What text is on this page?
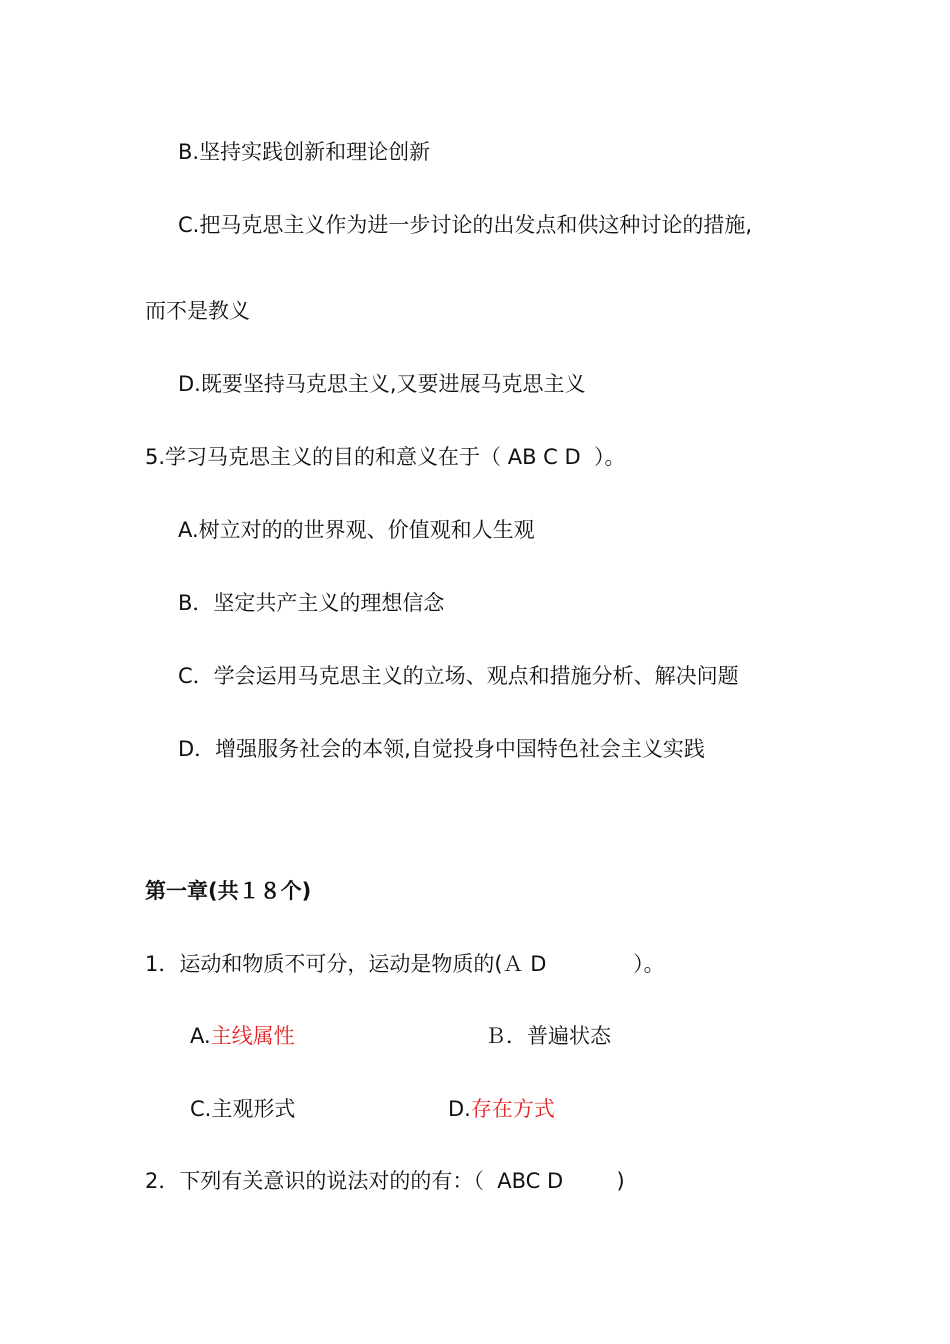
B.坚持实践创新和理论创新
C.把马克思主义作为进一步讨论的出发点和供这种讨论的措施,
而不是教义
D.既要坚持马克思主义,又要进展马克思主义
5.学习马克思主义的目的和意义在于（ AB C D  ）。
A.树立对的的世界观、价值观和人生观
B．坚定共产主义的理想信念
C．学会运用马克思主义的立场、观点和措施分析、解决问题
D．增强服务社会的本领,自觉投身中国特色社会主义实践
第一章(共１８个)
1．运动和物质不可分，运动是物质的(Ａ D             ）。
A.主线属性	Ｂ．普遍状态
C.主观形式	D.存在方式
2．下列有关意识的说法对的的有：（  ABC D        )
